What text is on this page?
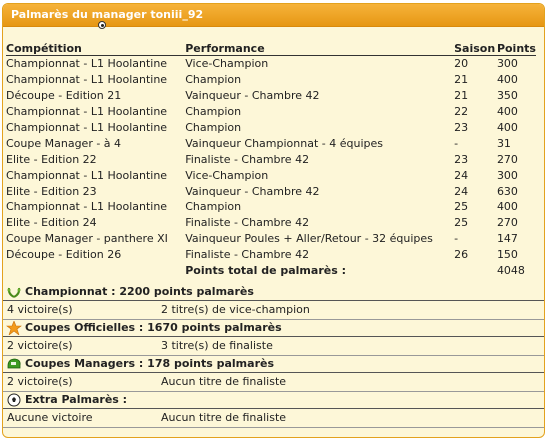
Palmarès du manager toniii_92
Compétition	Performance	Saison	Points
Championnat - L1 Hoolantine	Vice-Champion	20	300
Championnat - L1 Hoolantine	Champion	21	400
Découpe - Edition 21	Vainqueur - Chambre 42	21	350
Championnat - L1 Hoolantine	Champion	22	400
Championnat - L1 Hoolantine	Champion	23	400
Coupe Manager - à 4	Vainqueur Championnat - 4 équipes	-	31
Elite - Edition 22	Finaliste - Chambre 42	23	270
Championnat - L1 Hoolantine	Vice-Champion	24	300
Elite - Edition 23	Vainqueur - Chambre 42	24	630
Championnat - L1 Hoolantine	Champion	25	400
Elite - Edition 24	Finaliste - Chambre 42	25	270
Coupe Manager - panthere XI	Vainqueur Poules + Aller/Retour - 32 équipes	-	147
Découpe - Edition 26	Finaliste - Chambre 42	26	150
	Points total de palmarès :		4048
Championnat : 2200 points palmarès
4 victoire(s)	2 titre(s) de vice-champion
Coupes Officielles : 1670 points palmarès
2 victoire(s)	3 titre(s) de finaliste
Coupes Managers : 178 points palmarès
2 victoire(s)	Aucun titre de finaliste
Extra Palmarès :
Aucune victoire	Aucun titre de finaliste
